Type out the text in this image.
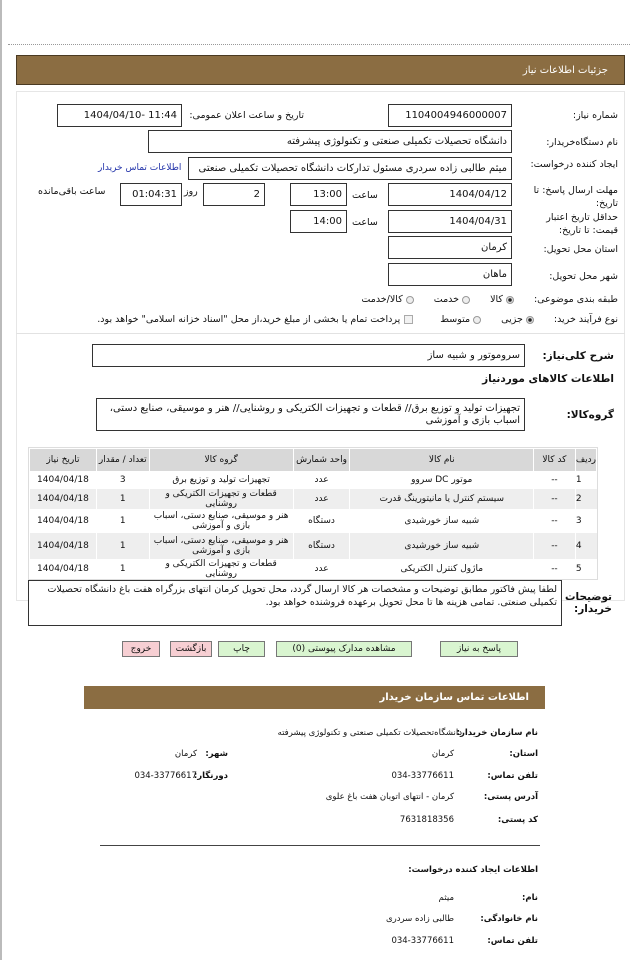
جزئیات اطلاعات نیاز
شماره نیاز:
1104004946000007
تاریخ و ساعت اعلان عمومی:
1404/04/10- 11:44
نام دستگاه‌خریدار:
دانشگاه تحصیلات تکمیلی صنعتی و تکنولوژی پیشرفته
ایجاد کننده درخواست:
میثم طالبی زاده سردری مسئول تدارکات دانشگاه تحصیلات تکمیلی صنعتی
اطلاعات تماس خریدار
مهلت ارسال پاسخ: تا تاریخ:
1404/04/12
ساعت
13:00
2
روز
01:04:31
ساعت باقی‌مانده
حداقل تاریخ اعتبار قیمت: تا تاریخ:
1404/04/31
ساعت
14:00
استان محل تحویل:
کرمان
شهر محل تحویل:
ماهان
طبقه بندی موضوعی: کالا خدمت کالا/خدمت
نوع فرآیند خرید: جزیی متوسط پرداخت تمام یا بخشی از مبلغ خرید،از محل "اسناد خزانه اسلامی" خواهد بود.
شرح کلی‌نیاز:
سروموتور و شبیه ساز
اطلاعات کالاهای موردنیاز
گروه‌کالا:
تجهیزات تولید و توزیع برق// قطعات و تجهیزات الکتریکی و روشنایی// هنر و موسیقی، صنایع دستی، اسباب بازی و آموزشی
ردیف	کد کالا	نام کالا	واحد شمارش	گروه کالا	تعداد / مقدار	تاریخ نیاز
1	--	موتور DC سروو	عدد	تجهیزات تولید و توزیع برق	3	1404/04/18
2	--	سیستم کنترل یا مانیتورینگ قدرت	عدد	قطعات و تجهیزات الکتریکی و روشنایی	1	1404/04/18
3	--	شبیه ساز خورشیدی	دستگاه	هنر و موسیقی، صنایع دستی، اسباب بازی و آموزشی	1	1404/04/18
4	--	شبیه ساز خورشیدی	دستگاه	هنر و موسیقی، صنایع دستی، اسباب بازی و آموزشی	1	1404/04/18
5	--	ماژول کنترل الکتریکی	عدد	قطعات و تجهیزات الکتریکی و روشنایی	1	1404/04/18
توضیحات خریدار:
لطفا پیش فاکتور مطابق توضیحات و مشخصات هر کالا ارسال گردد، محل تحویل کرمان انتهای بزرگراه هفت باغ دانشگاه تحصیلات تکمیلی صنعتی. تمامی هزینه ها تا محل تحویل برعهده فروشنده خواهد بود.
پاسخ به نیاز
مشاهده مدارک پیوستی (0)
چاپ
بازگشت
خروج
اطلاعات تماس سازمان خریدار
نام سازمان خریدار:
دانشگاه‌تحصیلات تکمیلی صنعتی و تکنولوژی پیشرفته
استان:
کرمان
شهر:
کرمان
تلفن تماس:
034-33776611
دورنگار:
034-33776617
آدرس پستی:
کرمان - انتهای اتوبان هفت باغ علوی
کد پستی:
7631818356
اطلاعات ایجاد کننده درخواست:
نام:
میثم
نام خانوادگی:
طالبی زاده سردری
تلفن تماس:
034-33776611
